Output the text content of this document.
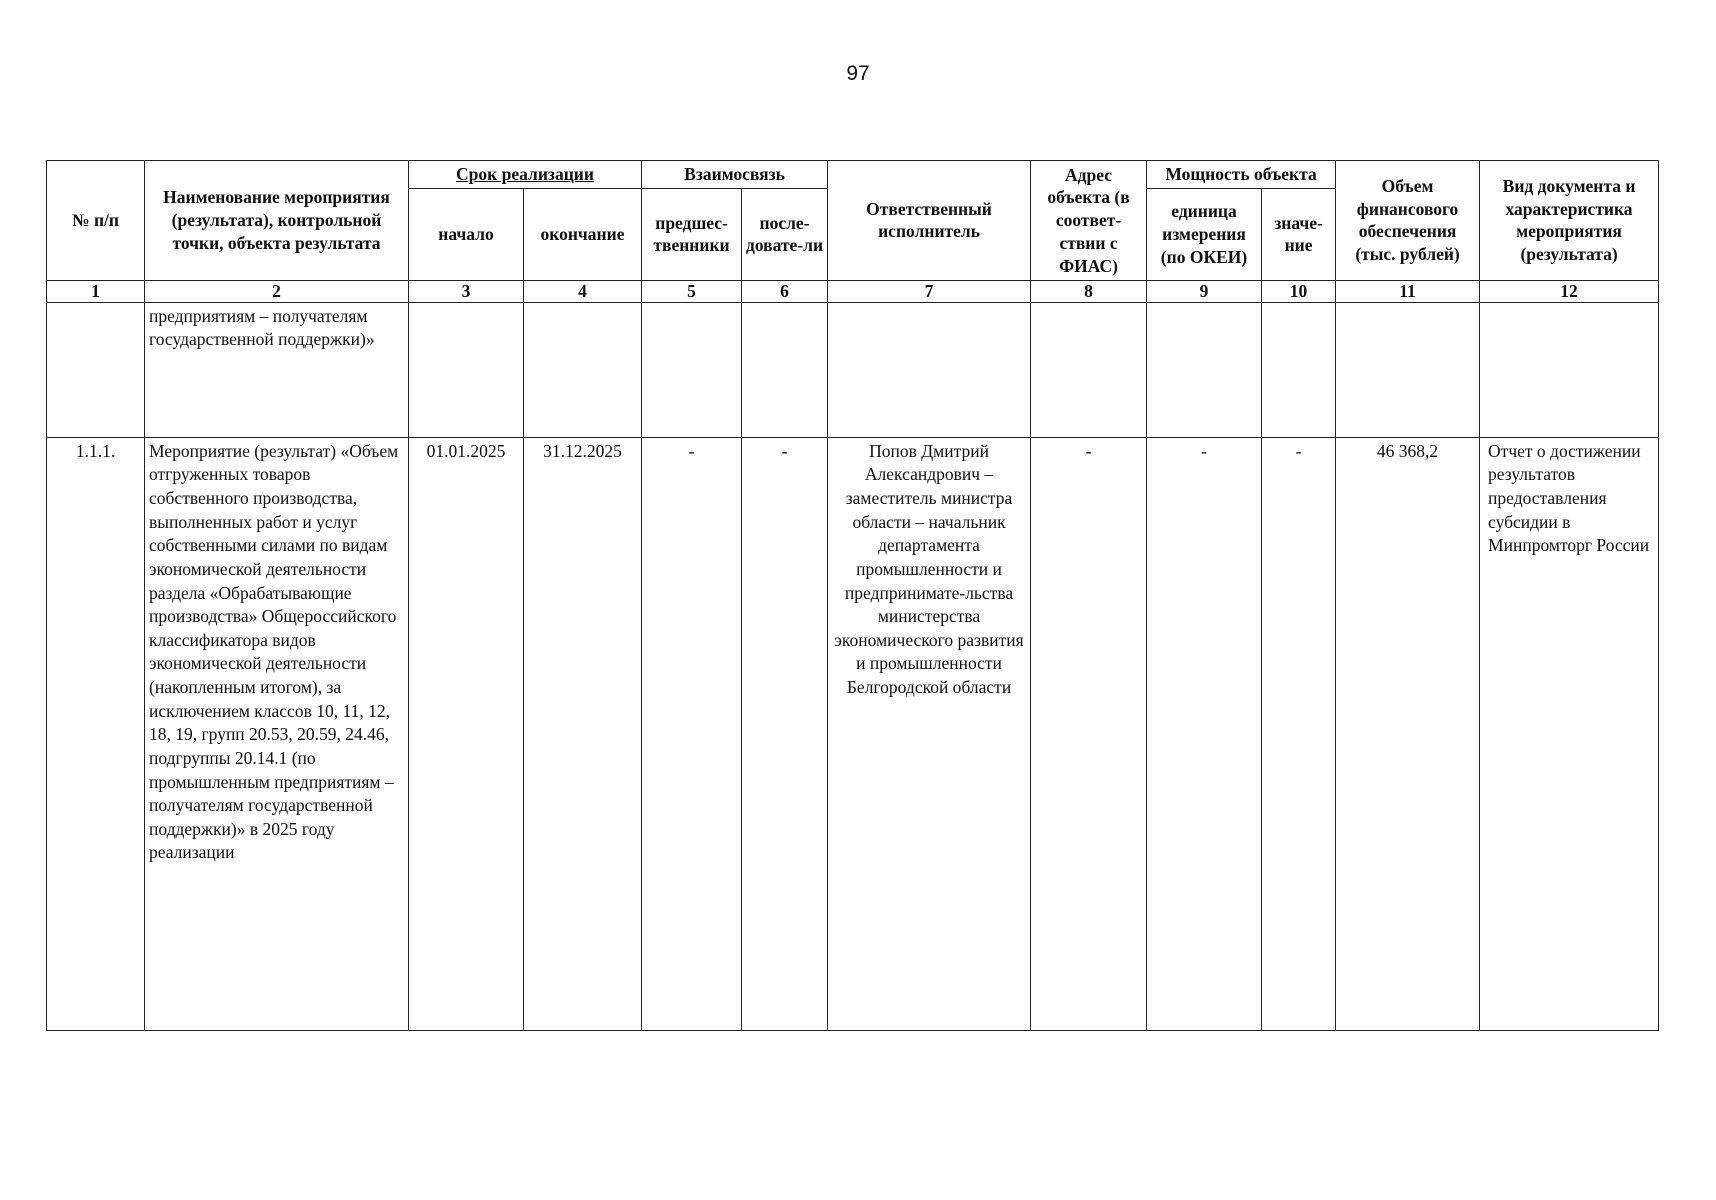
97
№ п/п	Наименование мероприятия (результата), контрольной точки, объекта результата	Срок реализации		Взаимосвязь		Ответственный исполнитель	Адрес объекта (в соответ-ствии с ФИАС)	Мощность объекта		Объем финансового обеспечения (тыс. рублей)	Вид документа и характеристика мероприятия (результата)
		начало	окончание	предшес-твенники	после-довате-ли			единица измерения (по ОКЕИ)	значе-ние		
1	2	3	4	5	6	7	8	9	10	11	12
	предприятиям – получателям государственной поддержки)»										
1.1.1.	Мероприятие (результат) «Объем отгруженных товаров собственного производства, выполненных работ и услуг собственными силами по видам экономической деятельности раздела «Обрабатывающие производства» Общероссийского классификатора видов экономической деятельности (накопленным итогом), за исключением классов 10, 11, 12, 18, 19, групп 20.53, 20.59, 24.46, подгруппы 20.14.1 (по промышленным предприятиям – получателям государственной поддержки)» в 2025 году реализации	01.01.2025	31.12.2025	-	-	Попов Дмитрий Александрович – заместитель министра области – начальник департамента промышленности и предпринимате-льства министерства экономического развития и промышленности Белгородской области	-	-	-	46 368,2	Отчет о достижении результатов предоставления субсидии в Минпромторг России
